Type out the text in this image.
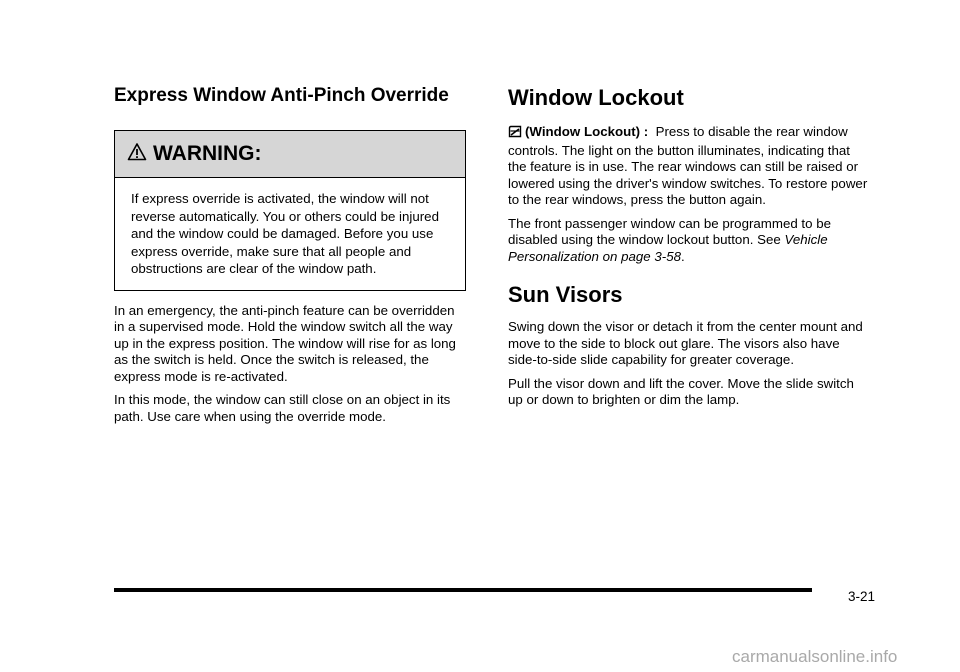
Express Window Anti-Pinch Override
WARNING:

If express override is activated, the window will not reverse automatically. You or others could be injured and the window could be damaged. Before you use express override, make sure that all people and obstructions are clear of the window path.

In an emergency, the anti-pinch feature can be overridden in a supervised mode. Hold the window switch all the way up in the express position. The window will rise for as long as the switch is held. Once the switch is released, the express mode is re-activated.

In this mode, the window can still close on an object in its path. Use care when using the override mode.

Window Lockout

(Window Lockout) : Press to disable the rear window controls. The light on the button illuminates, indicating that the feature is in use. The rear windows can still be raised or lowered using the driver's window switches. To restore power to the rear windows, press the button again.

The front passenger window can be programmed to be disabled using the window lockout button. See Vehicle Personalization on page 3-58.

Sun Visors

Swing down the visor or detach it from the center mount and move to the side to block out glare. The visors also have side-to-side slide capability for greater coverage.

Pull the visor down and lift the cover. Move the slide switch up or down to brighten or dim the lamp.

3-21
carmanualsonline.info
